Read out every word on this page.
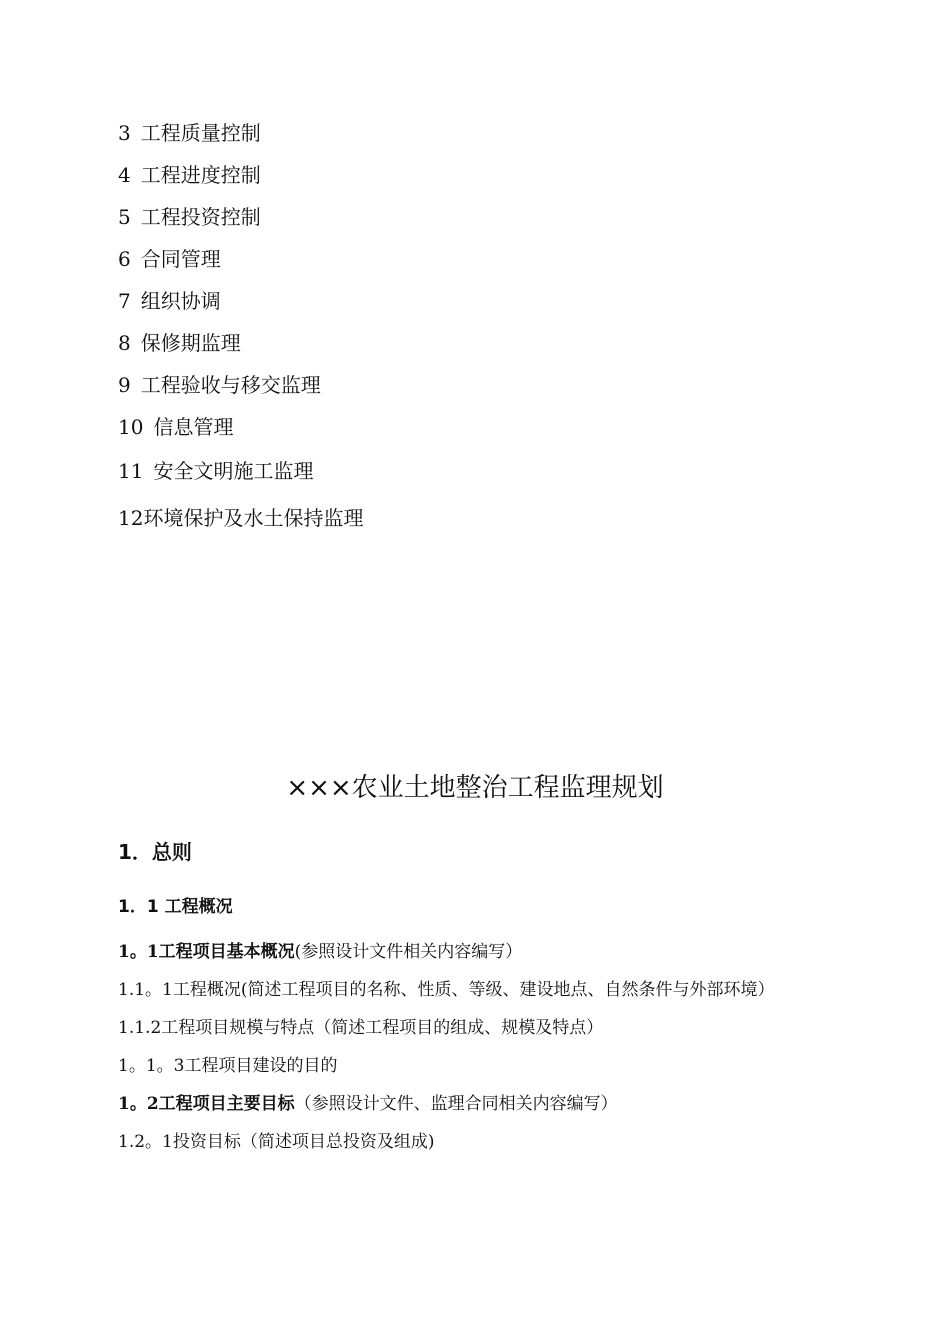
3 工程质量控制
4 工程进度控制
5 工程投资控制
6 合同管理
7 组织协调
8 保修期监理
9 工程验收与移交监理
10 信息管理
11 安全文明施工监理
12环境保护及水土保持监理
×××农业土地整治工程监理规划
1．总则
1．1 工程概况
1。1工程项目基本概况(参照设计文件相关内容编写）
1.1。1工程概况(简述工程项目的名称、性质、等级、建设地点、自然条件与外部环境）
1.1.2工程项目规模与特点（简述工程项目的组成、规模及特点）
1。1。3工程项目建设的目的
1。2工程项目主要目标（参照设计文件、监理合同相关内容编写）
1.2。1投资目标（简述项目总投资及组成)
